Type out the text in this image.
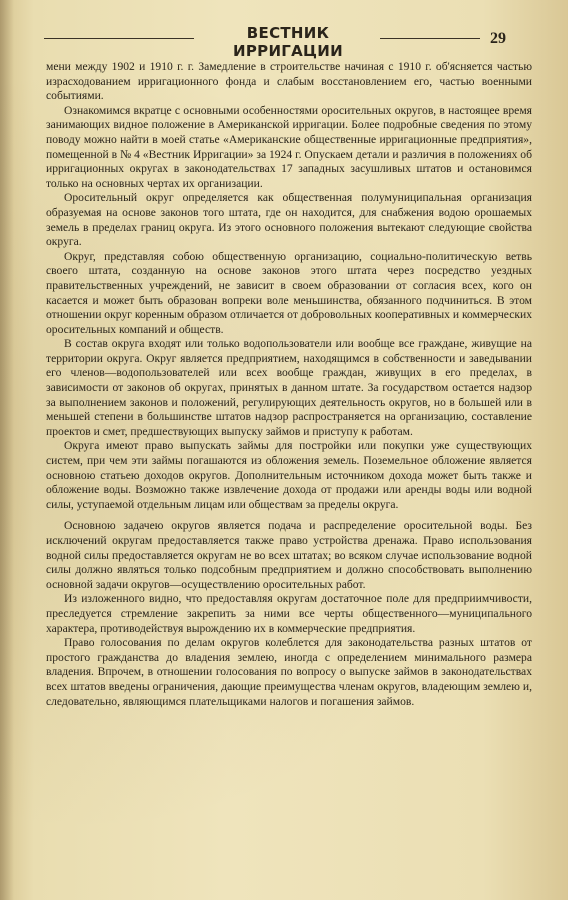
ВЕСТНИК ИРРИГАЦИИ
29

мени между 1902 и 1910 г. г. Замедление в строительстве начиная с 1910 г. об'ясняется частью израсходованием ирригационного фонда и слабым восстановлением его, частью военными событиями.

Ознакомимся вкратце с основными особенностями оросительных округов, в настоящее время занимающих видное положение в Американской ирригации. Более подробные сведения по этому поводу можно найти в моей статье «Американские общественные ирригационные предприятия», помещенной в № 4 «Вестник Ирригации» за 1924 г. Опускаем детали и различия в положениях об ирригационных округах в законодательствах 17 западных засушливых штатов и остановимся только на основных чертах их организации.

Оросительный округ определяется как общественная полумуниципальная организация образуемая на основе законов того штата, где он находится, для снабжения водою орошаемых земель в пределах границ округа. Из этого основного положения вытекают следующие свойства округа.

Округ, представляя собою общественную организацию, социально-политическую ветвь своего штата, созданную на основе законов этого штата через посредство уездных правительственных учреждений, не зависит в своем образовании от согласия всех, кого он касается и может быть образован вопреки воле меньшинства, обязанного подчиниться. В этом отношении округ коренным образом отличается от добровольных кооперативных и коммерческих оросительных компаний и обществ.

В состав округа входят или только водопользователи или вообще все граждане, живущие на территории округа. Округ является предприятием, находящимся в собственности и заведывании его членов—водопользователей или всех вообще граждан, живущих в его пределах, в зависимости от законов об округах, принятых в данном штате. За государством остается надзор за выполнением законов и положений, регулирующих деятельность округов, но в большей или в меньшей степени в большинстве штатов надзор распространяется на организацию, составление проектов и смет, предшествующих выпуску займов и приступу к работам.

Округа имеют право выпускать займы для постройки или покупки уже существующих систем, при чем эти займы погашаются из обложения земель. Поземельное обложение является основною статьею доходов округов. Дополнительным источником дохода может быть также и обложение воды. Возможно также извлечение дохода от продажи или аренды воды или водной силы, уступаемой отдельным лицам или обществам за пределы округа.

Основною задачею округов является подача и распределение оросительной воды. Без исключений округам предоставляется также право устройства дренажа. Право использования водной силы предоставляется округам не во всех штатах; во всяком случае использование водной силы должно являться только подсобным предприятием и должно способствовать выполнению основной задачи округов—осуществлению оросительных работ.

Из изложенного видно, что предоставляя округам достаточное поле для предприимчивости, преследуется стремление закрепить за ними все черты общественного—муниципального характера, противодействуя вырождению их в коммерческие предприятия.

Право голосования по делам округов колеблется для законодательства разных штатов от простого гражданства до владения землею, иногда с определением минимального размера владения. Впрочем, в отношении голосования по вопросу о выпуске займов в законодательствах всех штатов введены ограничения, дающие преимущества членам округов, владеющим землею и, следовательно, являющимся плательщиками налогов и погашения займов.
